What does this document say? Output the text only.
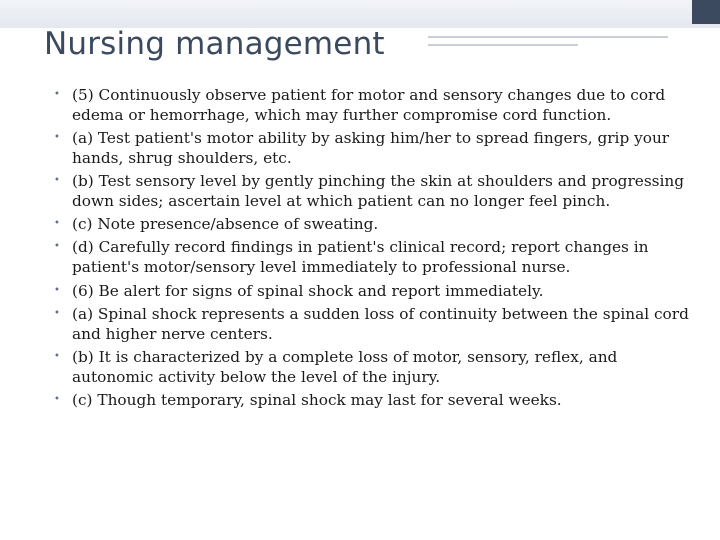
Nursing management
• (5) Continuously observe patient for motor and sensory changes due to cord edema or hemorrhage, which may further compromise cord function.
• (a) Test patient's motor ability by asking him/her to spread fingers, grip your hands, shrug shoulders, etc.
• (b) Test sensory level by gently pinching the skin at shoulders and progressing down sides; ascertain level at which patient can no longer feel pinch.
• (c) Note presence/absence of sweating.
• (d) Carefully record findings in patient's clinical record; report changes in patient's motor/sensory level immediately to professional nurse.
• (6) Be alert for signs of spinal shock and report immediately.
• (a) Spinal shock represents a sudden loss of continuity between the spinal cord and higher nerve centers.
• (b) It is characterized by a complete loss of motor, sensory, reflex, and autonomic activity below the level of the injury.
• (c) Though temporary, spinal shock may last for several weeks.
